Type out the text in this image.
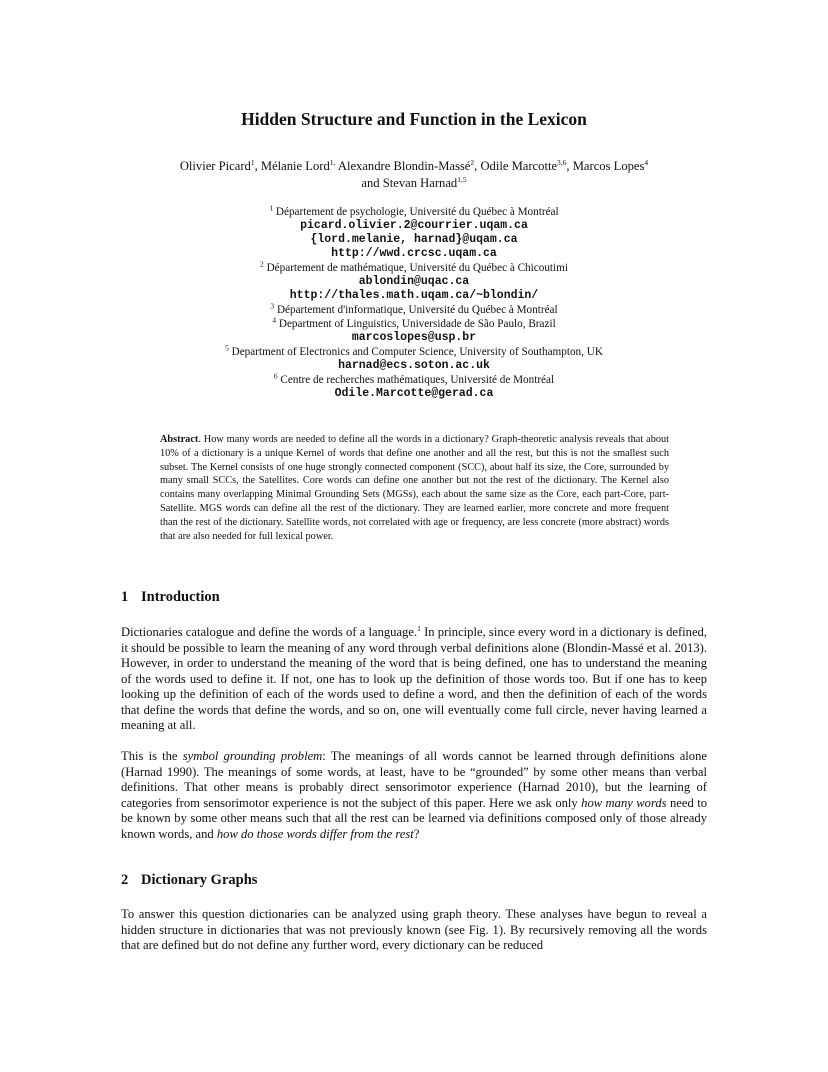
Hidden Structure and Function in the Lexicon
Olivier Picard$^1$, Mélanie Lord$^{1,}$ Alexandre Blondin-Massé$^2$, Odile Marcotte$^{3,6}$, Marcos Lopes$^4$
and Stevan Harnad$^{1,5}$
$^1$ Département de psychologie, Université du Québec à Montréal
picard.olivier.2@courrier.uqam.ca
{lord.melanie, harnad}@uqam.ca
http://wwd.crcsc.uqam.ca
$^2$ Département de mathématique, Université du Québec à Chicoutimi
ablondin@uqac.ca
http://thales.math.uqam.ca/~blondin/
$^3$ Département d'informatique, Université du Québec à Montréal
$^4$ Department of Linguistics, Universidade de São Paulo, Brazil
marcoslopes@usp.br
$^5$ Department of Electronics and Computer Science, University of Southampton, UK
harnad@ecs.soton.ac.uk
$^6$ Centre de recherches mathématiques, Université de Montréal
Odile.Marcotte@gerad.ca
Abstract. How many words are needed to define all the words in a dictionary? Graph-theoretic analysis reveals that about 10% of a dictionary is a unique Kernel of words that define one another and all the rest, but this is not the smallest such subset. The Kernel consists of one huge strongly connected component (SCC), about half its size, the Core, surrounded by many small SCCs, the Satellites. Core words can define one another but not the rest of the dictionary. The Kernel also contains many overlapping Minimal Grounding Sets (MGSs), each about the same size as the Core, each part-Core, part-Satellite. MGS words can define all the rest of the dictionary. They are learned earlier, more concrete and more frequent than the rest of the dictionary. Satellite words, not correlated with age or frequency, are less concrete (more abstract) words that are also needed for full lexical power.
1 Introduction
Dictionaries catalogue and define the words of a language.$^1$ In principle, since every word in a dictionary is defined, it should be possible to learn the meaning of any word through verbal definitions alone (Blondin-Massé et al. 2013). However, in order to understand the meaning of the word that is being defined, one has to understand the meaning of the words used to define it. If not, one has to look up the definition of those words too. But if one has to keep looking up the definition of each of the words used to define a word, and then the definition of each of the words that define the words that define the words, and so on, one will eventually come full circle, never having learned a meaning at all.
This is the symbol grounding problem: The meanings of all words cannot be learned through definitions alone (Harnad 1990). The meanings of some words, at least, have to be “grounded” by some other means than verbal definitions. That other means is probably direct sensorimotor experience (Harnad 2010), but the learning of categories from sensorimotor experience is not the subject of this paper. Here we ask only how many words need to be known by some other means such that all the rest can be learned via definitions composed only of those already known words, and how do those words differ from the rest?
2 Dictionary Graphs
To answer this question dictionaries can be analyzed using graph theory. These analyses have begun to reveal a hidden structure in dictionaries that was not previously known (see Fig. 1). By recursively removing all the words that are defined but do not define any further word, every dictionary can be reduced
